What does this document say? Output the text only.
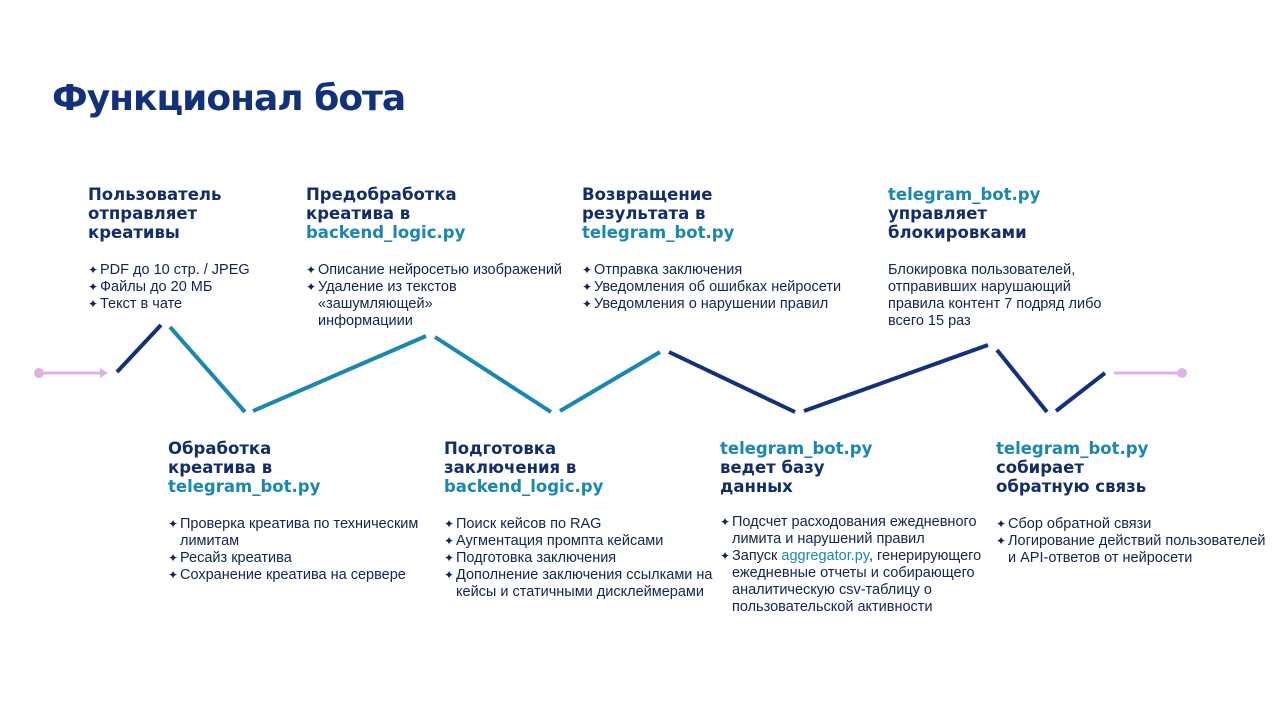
Функционал бота
Пользователь
отправляет
креативы
✦ PDF до 10 стр. / JPEG
✦ Файлы до 20 МБ
✦ Текст в чате
Обработка
креатива в
telegram_bot.py
✦ Проверка креатива по техническим лимитам
✦ Ресайз креатива
✦ Сохранение креатива на сервере
Предобработка
креатива в
backend_logic.py
✦ Описание нейросетью изображений
✦ Удаление из текстов «зашумляющей» информациии
Подготовка
заключения в
backend_logic.py
✦ Поиск кейсов по RAG
✦ Аугментация промпта кейсами
✦ Подготовка заключения
✦ Дополнение заключения ссылками на кейсы и статичными дисклеймерами
Возвращение
результата в
telegram_bot.py
✦ Отправка заключения
✦ Уведомления об ошибках нейросети
✦ Уведомления о нарушении правил
telegram_bot.py
ведет базу
данных
✦ Подсчет расходования ежедневного лимита и нарушений правил
✦ Запуск aggregator.py, генерирующего ежедневные отчеты и собирающего аналитическую csv-таблицу о пользовательской активности
telegram_bot.py
управляет
блокировками
Блокировка пользователей, отправивших нарушающий правила контент 7 подряд либо всего 15 раз
telegram_bot.py
собирает
обратную связь
✦ Сбор обратной связи
✦ Логирование действий пользователей и API-ответов от нейросети
